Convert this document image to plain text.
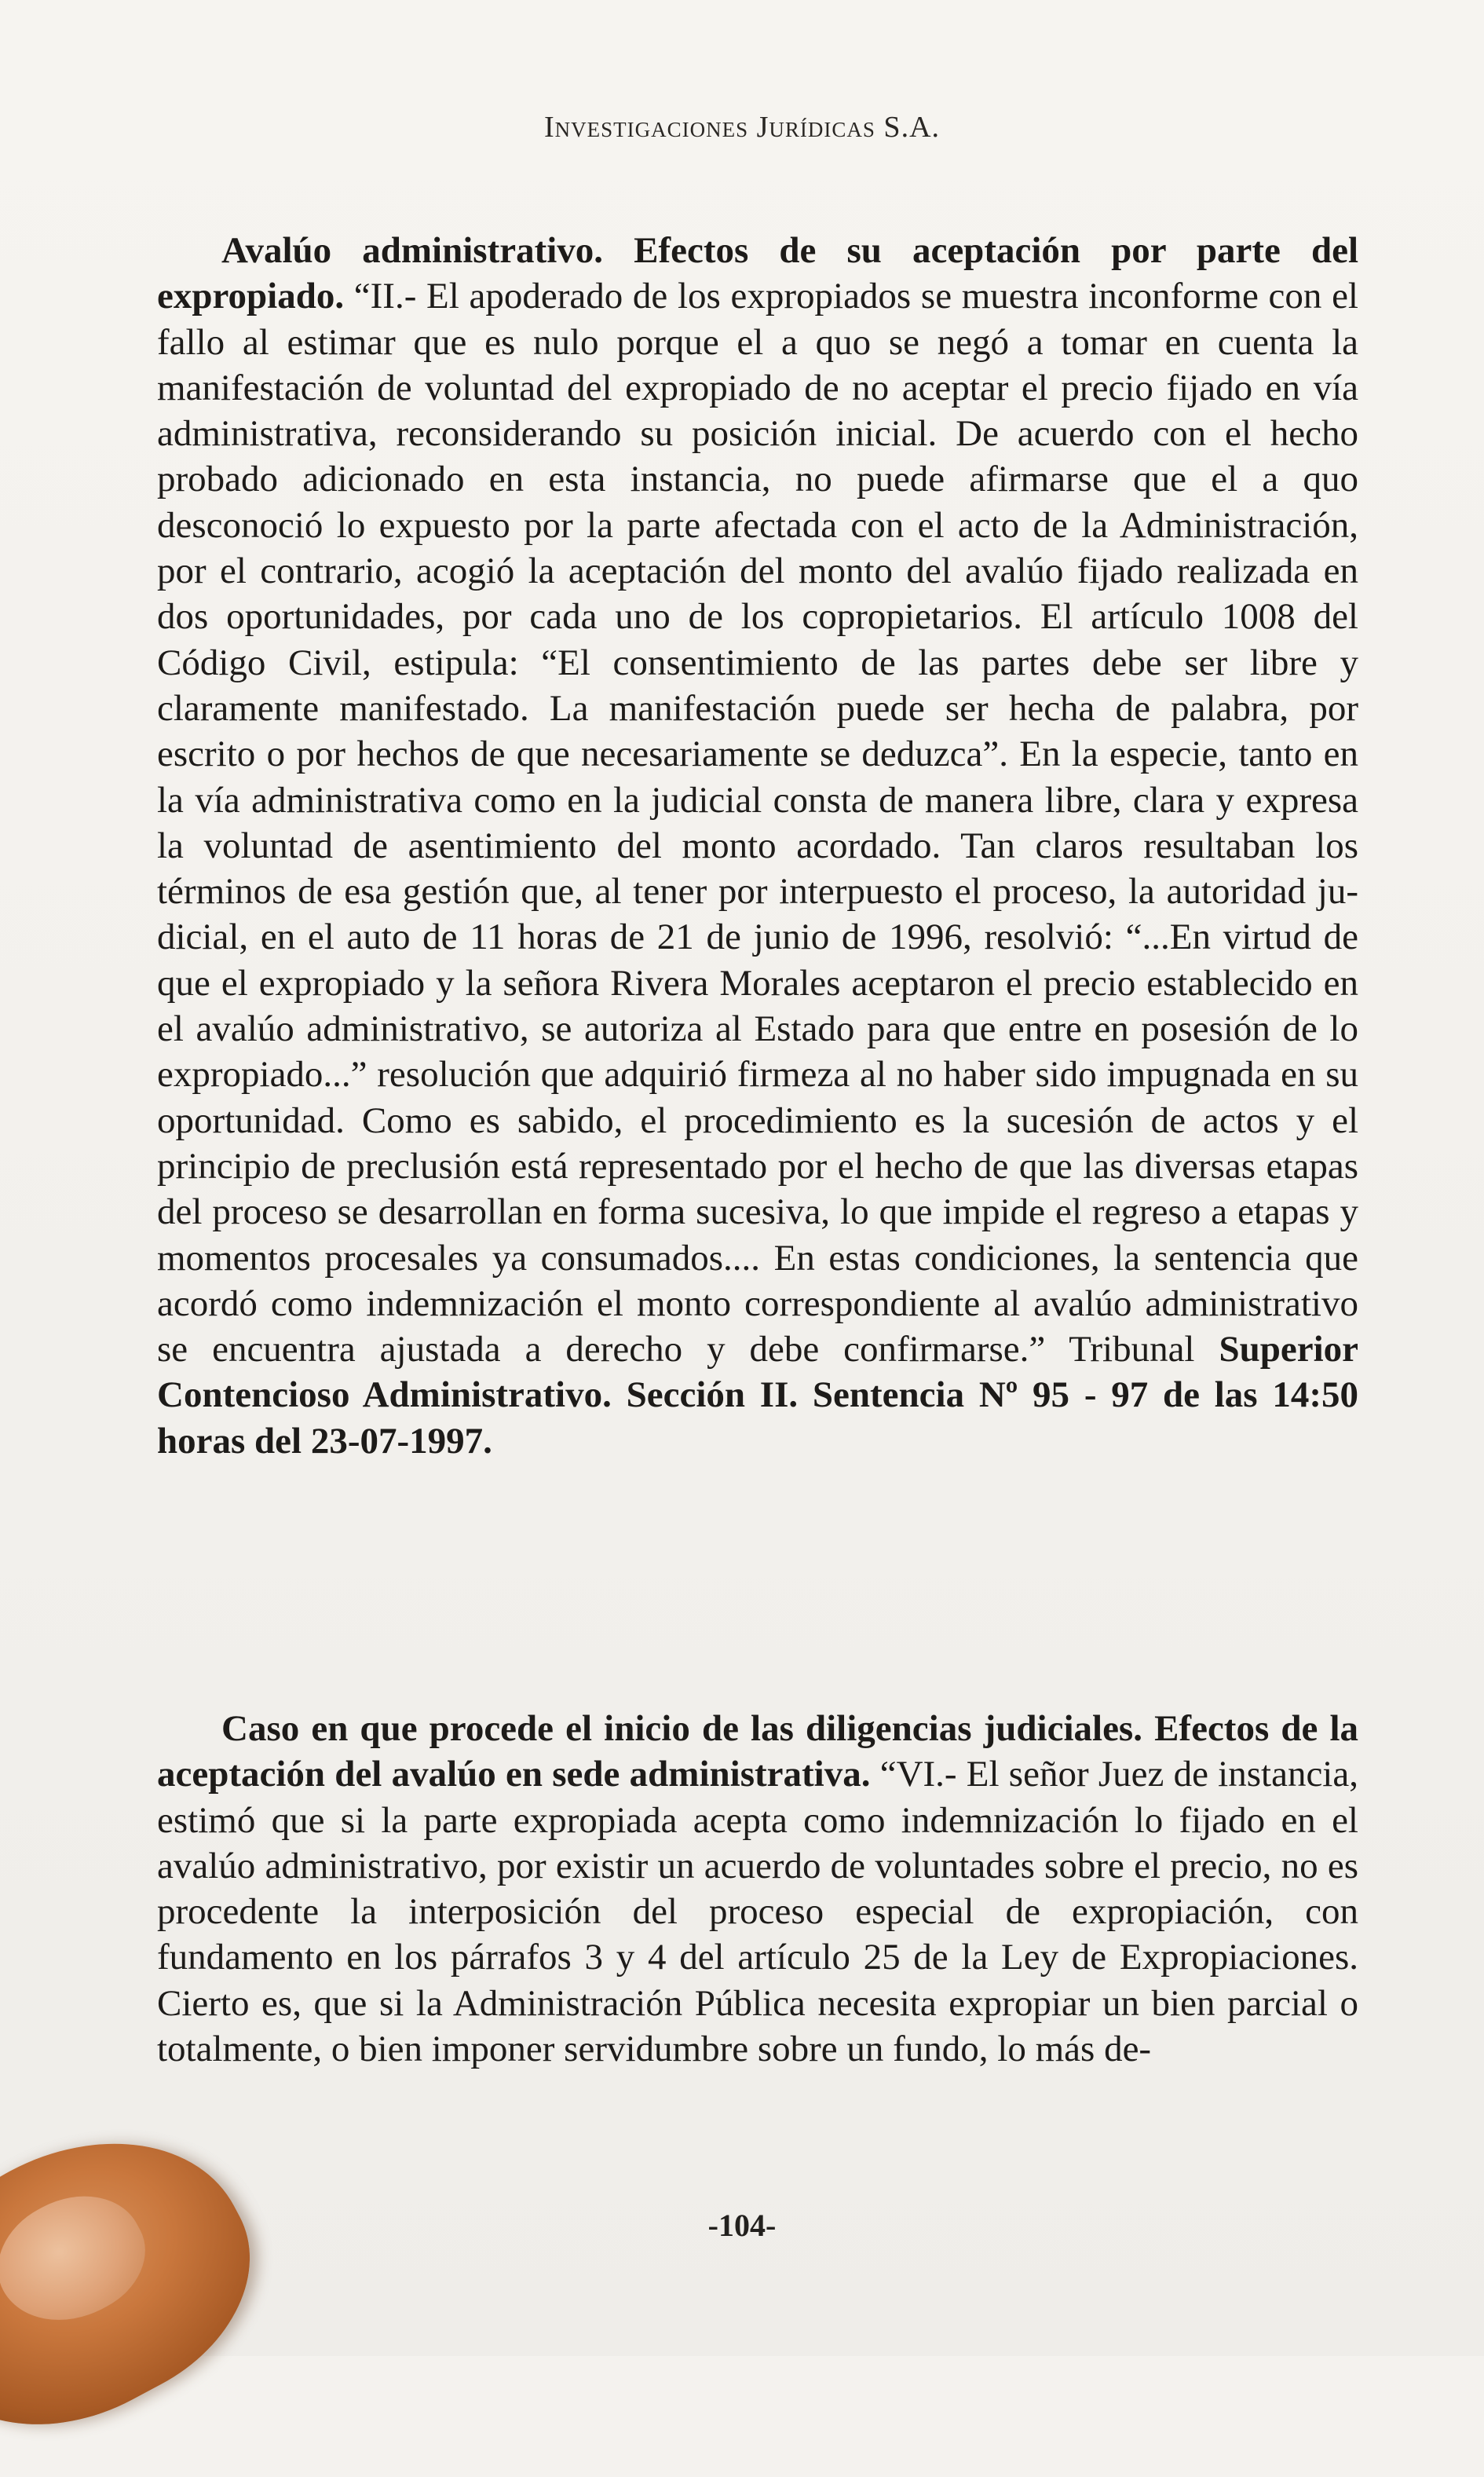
Investigaciones Jurídicas S.A.

Avalúo administrativo. Efectos de su aceptación por parte del expropiado. “II.- El apoderado de los expropiados se muestra inconforme con el fallo al estimar que es nulo porque el a quo se negó a tomar en cuenta la manifestación de voluntad del expropiado de no aceptar el precio fijado en vía administrativa, reconsiderando su posición inicial. De acuerdo con el hecho probado adicionado en esta instancia, no puede afirmarse que el a quo desconoció lo expuesto por la parte afectada con el acto de la Administración, por el contrario, acogió la aceptación del monto del avalúo fijado realizada en dos oportunidades, por cada uno de los copropietarios. El artículo 1008 del Código Civil, estipula: “El consentimiento de las partes debe ser libre y claramente manifestado. La manifestación puede ser hecha de palabra, por escrito o por hechos de que necesariamente se deduzca”. En la especie, tanto en la vía administrativa como en la judicial consta de manera libre, clara y expresa la voluntad de asentimiento del monto acordado. Tan claros resultaban los términos de esa gestión que, al tener por interpuesto el proceso, la autoridad judicial, en el auto de 11 horas de 21 de junio de 1996, resolvió: “...En virtud de que el expropiado y la señora Rivera Morales aceptaron el precio establecido en el avalúo administrativo, se autoriza al Estado para que entre en posesión de lo expropiado...” resolución que adquirió firmeza al no haber sido impugnada en su oportunidad. Como es sabido, el procedimiento es la sucesión de actos y el principio de preclusión está representado por el hecho de que las diversas etapas del proceso se desarrollan en forma sucesiva, lo que impide el regreso a etapas y momentos procesales ya consumados.... En estas condiciones, la sentencia que acordó como indemnización el monto correspondiente al avalúo administrativo se encuentra ajustada a derecho y debe confirmarse.” Tribunal Superior Contencioso Administrativo. Sección II. Sentencia Nº 95 - 97 de las 14:50 horas del 23-07-1997.

Caso en que procede el inicio de las diligencias judiciales. Efectos de la aceptación del avalúo en sede administrativa. “VI.- El señor Juez de instancia, estimó que si la parte expropiada acepta como indemnización lo fijado en el avalúo administrativo, por existir un acuerdo de voluntades sobre el precio, no es procedente la interposición del proceso especial de expropiación, con fundamento en los párrafos 3 y 4 del artículo 25 de la Ley de Expropiaciones. Cierto es, que si la Administración Pública necesita expropiar un bien parcial o totalmente, o bien imponer servidumbre sobre un fundo, lo más de-

-104-
